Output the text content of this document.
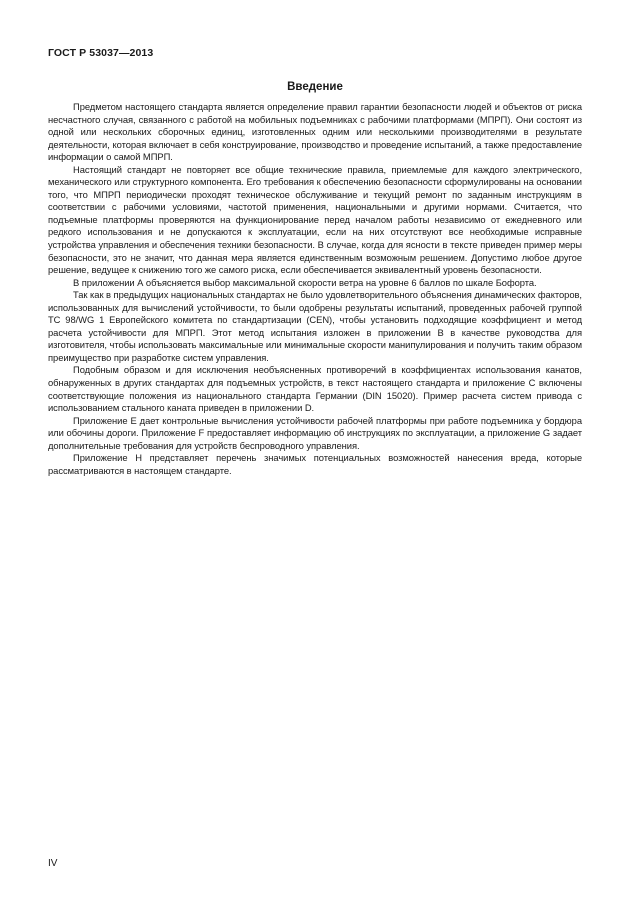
ГОСТ Р 53037—2013
Введение

Предметом настоящего стандарта является определение правил гарантии безопасности людей и объектов от риска несчастного случая, связанного с работой на мобильных подъемниках с рабочими платформами (МПРП). Они состоят из одной или нескольких сборочных единиц, изготовленных одним или несколькими производителями в результате деятельности, которая включает в себя конструирование, производство и проведение испытаний, а также предоставление информации о самой МПРП.

Настоящий стандарт не повторяет все общие технические правила, приемлемые для каждого электрического, механического или структурного компонента. Его требования к обеспечению безопасности сформулированы на основании того, что МПРП периодически проходят техническое обслуживание и текущий ремонт по заданным инструкциям в соответствии с рабочими условиями, частотой применения, национальными и другими нормами. Считается, что подъемные платформы проверяются на функционирование перед началом работы независимо от ежедневного или редкого использования и не допускаются к эксплуатации, если на них отсутствуют все необходимые исправные устройства управления и обеспечения техники безопасности. В случае, когда для ясности в тексте приведен пример меры безопасности, это не значит, что данная мера является единственным возможным решением. Допустимо любое другое решение, ведущее к снижению того же самого риска, если обеспечивается эквивалентный уровень безопасности.

В приложении А объясняется выбор максимальной скорости ветра на уровне 6 баллов по шкале Бофорта.

Так как в предыдущих национальных стандартах не было удовлетворительного объяснения динамических факторов, использованных для вычислений устойчивости, то были одобрены результаты испытаний, проведенных рабочей группой ТС 98/WG 1 Европейского комитета по стандартизации (CEN), чтобы установить подходящие коэффициент и метод расчета устойчивости для МПРП. Этот метод испытания изложен в приложении В в качестве руководства для изготовителя, чтобы использовать максимальные или минимальные скорости манипулирования и получить таким образом преимущество при разработке систем управления.

Подобным образом и для исключения необъясненных противоречий в коэффициентах использования канатов, обнаруженных в других стандартах для подъемных устройств, в текст настоящего стандарта и приложение С включены соответствующие положения из национального стандарта Германии (DIN 15020). Пример расчета систем привода с использованием стального каната приведен в приложении D.

Приложение Е дает контрольные вычисления устойчивости рабочей платформы при работе подъемника у бордюра или обочины дороги. Приложение F предоставляет информацию об инструкциях по эксплуатации, а приложение G задает дополнительные требования для устройств беспроводного управления.

Приложение Н представляет перечень значимых потенциальных возможностей нанесения вреда, которые рассматриваются в настоящем стандарте.

IV
